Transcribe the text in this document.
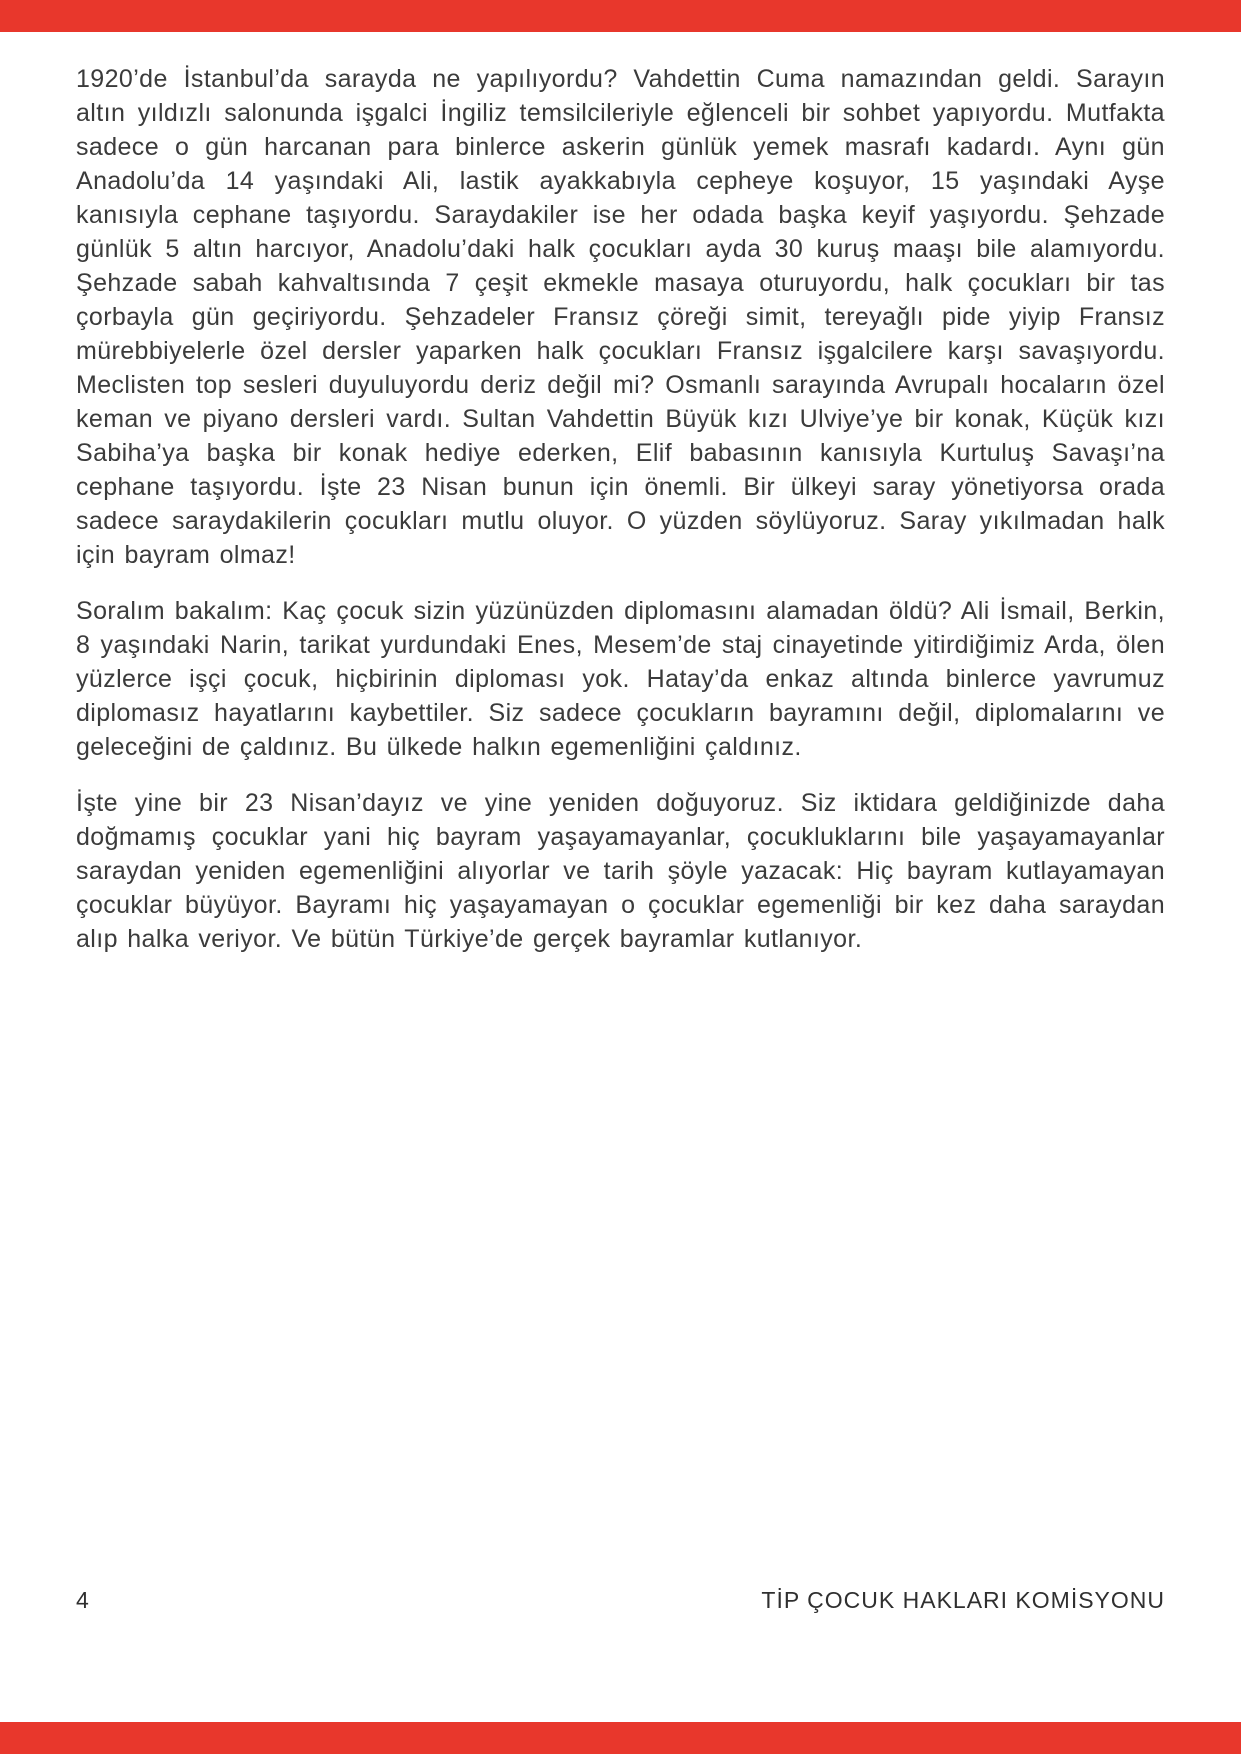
1920’de İstanbul’da sarayda ne yapılıyordu? Vahdettin Cuma namazından geldi. Sarayın altın yıldızlı salonunda işgalci İngiliz temsilcileriyle eğlenceli bir sohbet yapıyordu. Mutfakta sadece o gün harcanan para binlerce askerin günlük yemek masrafı kadardı. Aynı gün Anadolu’da 14 yaşındaki Ali, lastik ayakkabıyla cepheye koşuyor, 15 yaşındaki Ayşe kanısıyla cephane taşıyordu. Saraydakiler ise her odada başka keyif yaşıyordu. Şehzade günlük 5 altın harcıyor, Anadolu’daki halk çocukları ayda 30 kuruş maaşı bile alamıyordu. Şehzade sabah kahvaltısında 7 çeşit ekmekle masaya oturuyordu, halk çocukları bir tas çorbayla gün geçiriyordu. Şehzadeler Fransız çöreği simit, tereyağlı pide yiyip Fransız mürebbiyelerle özel dersler yaparken halk çocukları Fransız işgalcilere karşı savaşıyordu. Meclisten top sesleri duyuluyordu deriz değil mi? Osmanlı sarayında Avrupalı hocaların özel keman ve piyano dersleri vardı. Sultan Vahdettin Büyük kızı Ulviye’ye bir konak, Küçük kızı Sabiha’ya başka bir konak hediye ederken, Elif babasının kanısıyla Kurtuluş Savaşı’na cephane taşıyordu. İşte 23 Nisan bunun için önemli. Bir ülkeyi saray yönetiyorsa orada sadece saraydakilerin çocukları mutlu oluyor. O yüzden söylüyoruz. Saray yıkılmadan halk için bayram olmaz!

Soralım bakalım: Kaç çocuk sizin yüzünüzden diplomasını alamadan öldü? Ali İsmail, Berkin, 8 yaşındaki Narin, tarikat yurdundaki Enes, Mesem’de staj cinayetinde yitirdiğimiz Arda, ölen yüzlerce işçi çocuk, hiçbirinin diploması yok. Hatay’da enkaz altında binlerce yavrumuz diplomasız hayatlarını kaybettiler. Siz sadece çocukların bayramını değil, diplomalarını ve geleceğini de çaldınız. Bu ülkede halkın egemenliğini çaldınız.

İşte yine bir 23 Nisan’dayız ve yine yeniden doğuyoruz. Siz iktidara geldiğinizde daha doğmamış çocuklar yani hiç bayram yaşayamayanlar, çocukluklarını bile yaşayamayanlar saraydan yeniden egemenliğini alıyorlar ve tarih şöyle yazacak: Hiç bayram kutlayamayan çocuklar büyüyor. Bayramı hiç yaşayamayan o çocuklar egemenliği bir kez daha saraydan alıp halka veriyor. Ve bütün Türkiye’de gerçek bayramlar kutlanıyor.

4	TİP ÇOCUK HAKLARI KOMİSYONU
